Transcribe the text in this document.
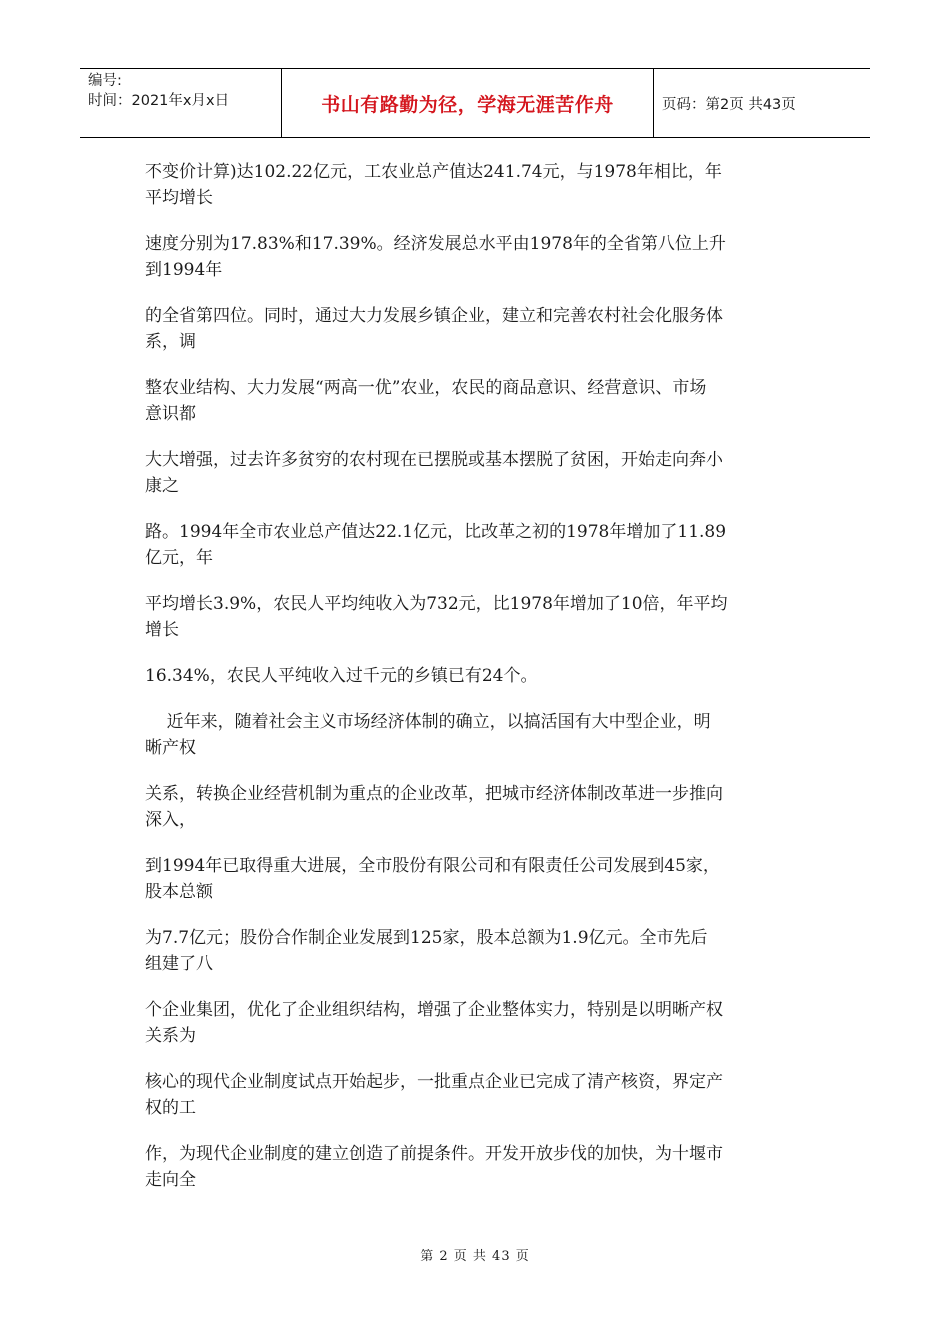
编号:
时间：2021年x月x日	书山有路勤为径，学海无涯苦作舟	页码：第2页 共43页

不变价计算)达102.22亿元，工农业总产值达241.74元，与1978年相比，年
平均增长

速度分别为17.83%和17.39%。经济发展总水平由1978年的全省第八位上升
到1994年

的全省第四位。同时，通过大力发展乡镇企业，建立和完善农村社会化服务体
系，调

整农业结构、大力发展“两高一优”农业，农民的商品意识、经营意识、市场
意识都

大大增强，过去许多贫穷的农村现在已摆脱或基本摆脱了贫困，开始走向奔小
康之

路。1994年全市农业总产值达22.1亿元，比改革之初的1978年增加了11.89
亿元，年

平均增长3.9%，农民人平均纯收入为732元，比1978年增加了10倍，年平均
增长

16.34%，农民人平纯收入过千元的乡镇已有24个。

近年来，随着社会主义市场经济体制的确立，以搞活国有大中型企业，明
晰产权

关系，转换企业经营机制为重点的企业改革，把城市经济体制改革进一步推向
深入，

到1994年已取得重大进展，全市股份有限公司和有限责任公司发展到45家，
股本总额

为7.7亿元；股份合作制企业发展到125家，股本总额为1.9亿元。全市先后
组建了八

个企业集团，优化了企业组织结构，增强了企业整体实力，特别是以明晰产权
关系为

核心的现代企业制度试点开始起步，一批重点企业已完成了清产核资，界定产
权的工

作，为现代企业制度的建立创造了前提条件。开发开放步伐的加快，为十堰市
走向全

第 2 页 共 43 页
